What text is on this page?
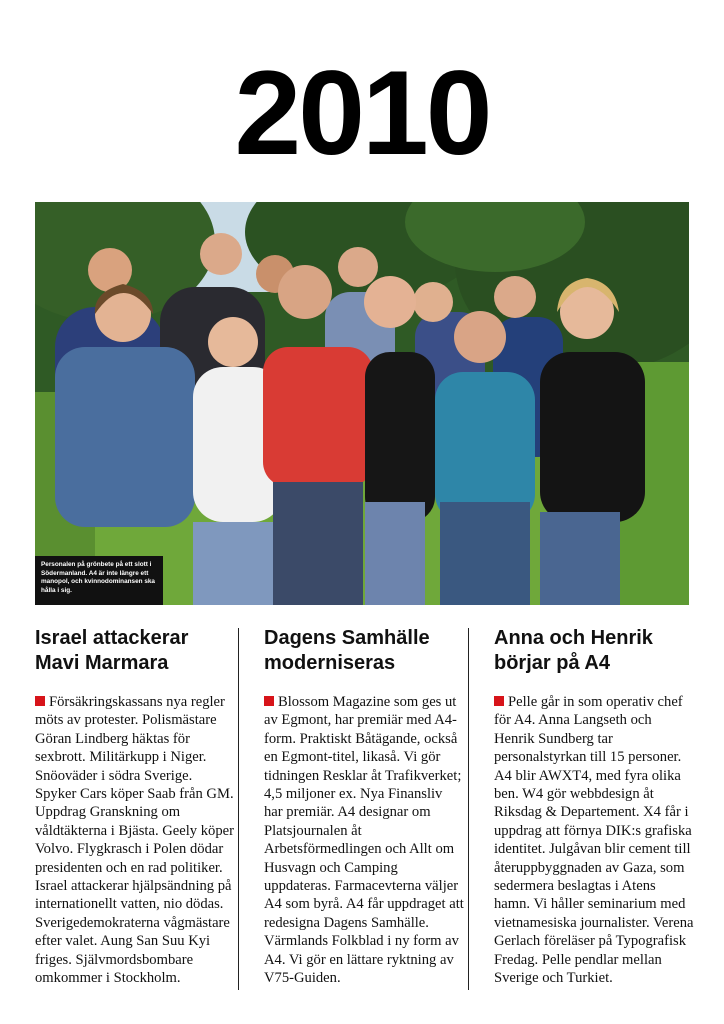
2010
Personalen på grönbete på ett slott i Södermanland. A4 är inte längre ett manopol, och kvinnodominansen ska hålla i sig.
Israel attackerar Mavi Marmara

Försäkringskassans nya regler möts av protester. Polismästare Göran Lindberg häktas för sexbrott. Militärkupp i Niger. Snöoväder i södra Sverige. Spyker Cars köper Saab från GM. Uppdrag Granskning om våldtäkterna i Bjästa. Geely köper Volvo. Flygkrasch i Polen dödar presidenten och en rad politiker. Israel attackerar hjälpsändning på internationellt vatten, nio dödas. Sverigedemokraterna vågmästare efter valet. Aung San Suu Kyi friges. Självmordsbombare omkommer i Stockholm.

Dagens Samhälle moderniseras

Blossom Magazine som ges ut av Egmont, har premiär med A4-form. Praktiskt Båtägande, också en Egmont-titel, likaså. Vi gör tidningen Resklar åt Trafikverket; 4,5 miljoner ex. Nya Finansliv har premiär. A4 designar om Platsjournalen åt Arbetsförmedlingen och Allt om Husvagn och Camping uppdateras. Farmacevterna väljer A4 som byrå. A4 får uppdraget att redesigna Dagens Samhälle. Värmlands Folkblad i ny form av A4. Vi gör en lättare ryktning av V75-Guiden.

Anna och Henrik börjar på A4

Pelle går in som operativ chef för A4. Anna Langseth och Henrik Sundberg tar personalstyrkan till 15 personer. A4 blir AWXT4, med fyra olika ben. W4 gör webbdesign åt Riksdag & Departement. X4 får i uppdrag att förnya DIK:s grafiska identitet. Julgåvan blir cement till återuppbyggnaden av Gaza, som sedermera beslagtas i Atens hamn. Vi håller seminarium med vietnamesiska journalister. Verena Gerlach föreläser på Typografisk Fredag. Pelle pendlar mellan Sverige och Turkiet.
